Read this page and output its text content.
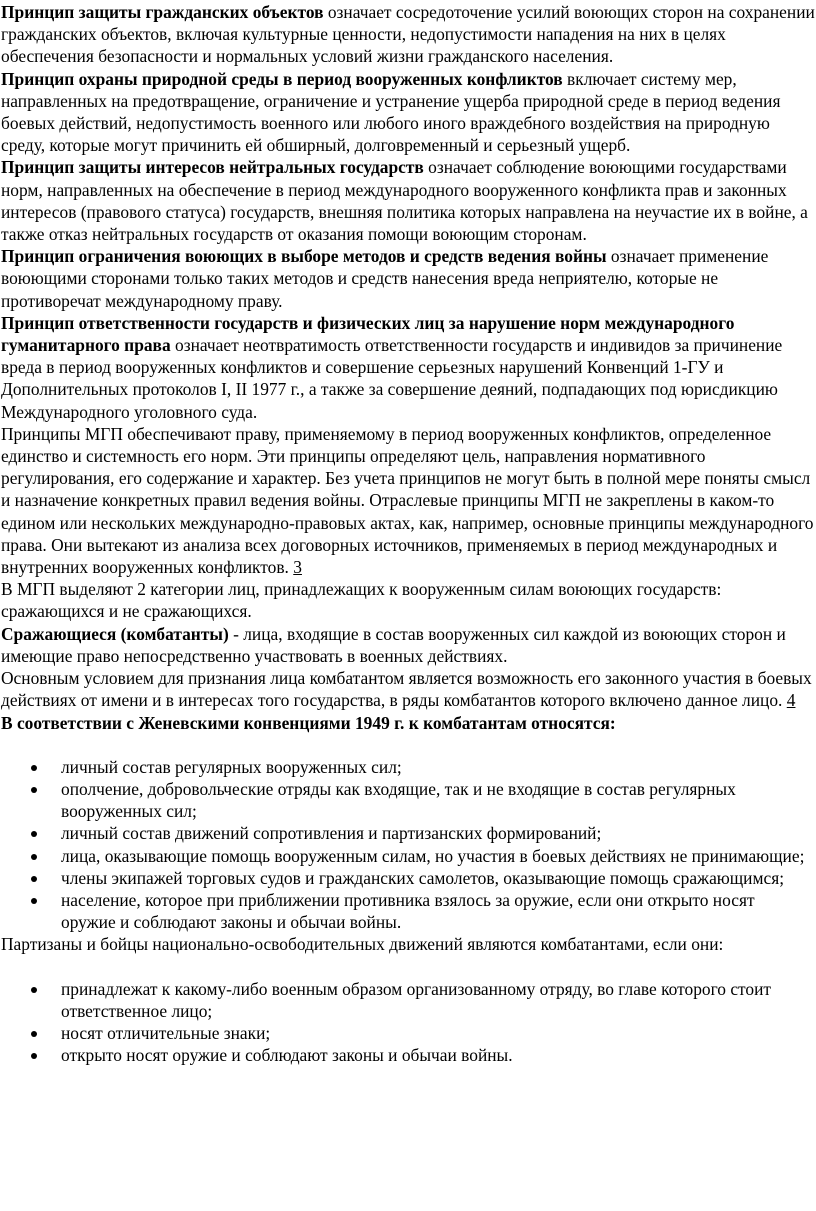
Принцип защиты гражданских объектов означает сосредоточение усилий воюющих сторон на сохранении гражданских объектов, включая культурные ценности, недопустимости нападения на них в целях обеспечения безопасности и нормальных условий жизни гражданского населения.

Принцип охраны природной среды в период вооруженных конфликтов включает систему мер, направленных на предотвращение, ограничение и устранение ущерба природной среде в период ведения боевых действий, недопустимость военного или любого иного враждебного воздействия на природную среду, которые могут причинить ей обширный, долговременный и серьезный ущерб.

Принцип защиты интересов нейтральных государств означает соблюдение воюющими государствами норм, направленных на обеспечение в период международного вооруженного конфликта прав и законных интересов (правового статуса) государств, внешняя политика которых направлена на неучастие их в войне, а также отказ нейтральных государств от оказания помощи воюющим сторонам.

Принцип ограничения воюющих в выборе методов и средств ведения войны означает применение воюющими сторонами только таких методов и средств нанесения вреда неприятелю, которые не противоречат международному праву.

Принцип ответственности государств и физических лиц за нарушение норм международного гуманитарного права означает неотвратимость ответственности государств и индивидов за причинение вреда в период вооруженных конфликтов и совершение серьезных нарушений Конвенций 1-ГУ и Дополнительных протоколов I, II 1977 г., а также за совершение деяний, подпадающих под юрисдикцию Международного уголовного суда.

Принципы МГП обеспечивают праву, применяемому в период вооруженных конфликтов, определенное единство и системность его норм. Эти принципы определяют цель, направления нормативного регулирования, его содержание и характер. Без учета принципов не могут быть в полной мере поняты смысл и назначение конкретных правил ведения войны. Отраслевые принципы МГП не закреплены в каком-то едином или нескольких международно-правовых актах, как, например, основные принципы международного права. Они вытекают из анализа всех договорных источников, применяемых в период международных и внутренних вооруженных конфликтов. 3

В МГП выделяют 2 категории лиц, принадлежащих к вооруженным силам воюющих государств: сражающихся и не сражающихся.

Сражающиеся (комбатанты) - лица, входящие в состав вооруженных сил каждой из воюющих сторон и имеющие право непосредственно участвовать в военных действиях.

Основным условием для признания лица комбатантом является возможность его законного участия в боевых действиях от имени и в интересах того государства, в ряды комбатантов которого включено данное лицо. 4

В соответствии с Женевскими конвенциями 1949 г. к комбатантам относятся:

личный состав регулярных вооруженных сил;
ополчение, добровольческие отряды как входящие, так и не входящие в состав регулярных вооруженных сил;
личный состав движений сопротивления и партизанских формирований;
лица, оказывающие помощь вооруженным силам, но участия в боевых действиях не принимающие;
члены экипажей торговых судов и гражданских самолетов, оказывающие помощь сражающимся;
население, которое при приближении противника взялось за оружие, если они открыто носят оружие и соблюдают законы и обычаи войны.

Партизаны и бойцы национально-освободительных движений являются комбатантами, если они:

принадлежат к какому-либо военным образом организованному отряду, во главе которого стоит ответственное лицо;
носят отличительные знаки;
открыто носят оружие и соблюдают законы и обычаи войны.
